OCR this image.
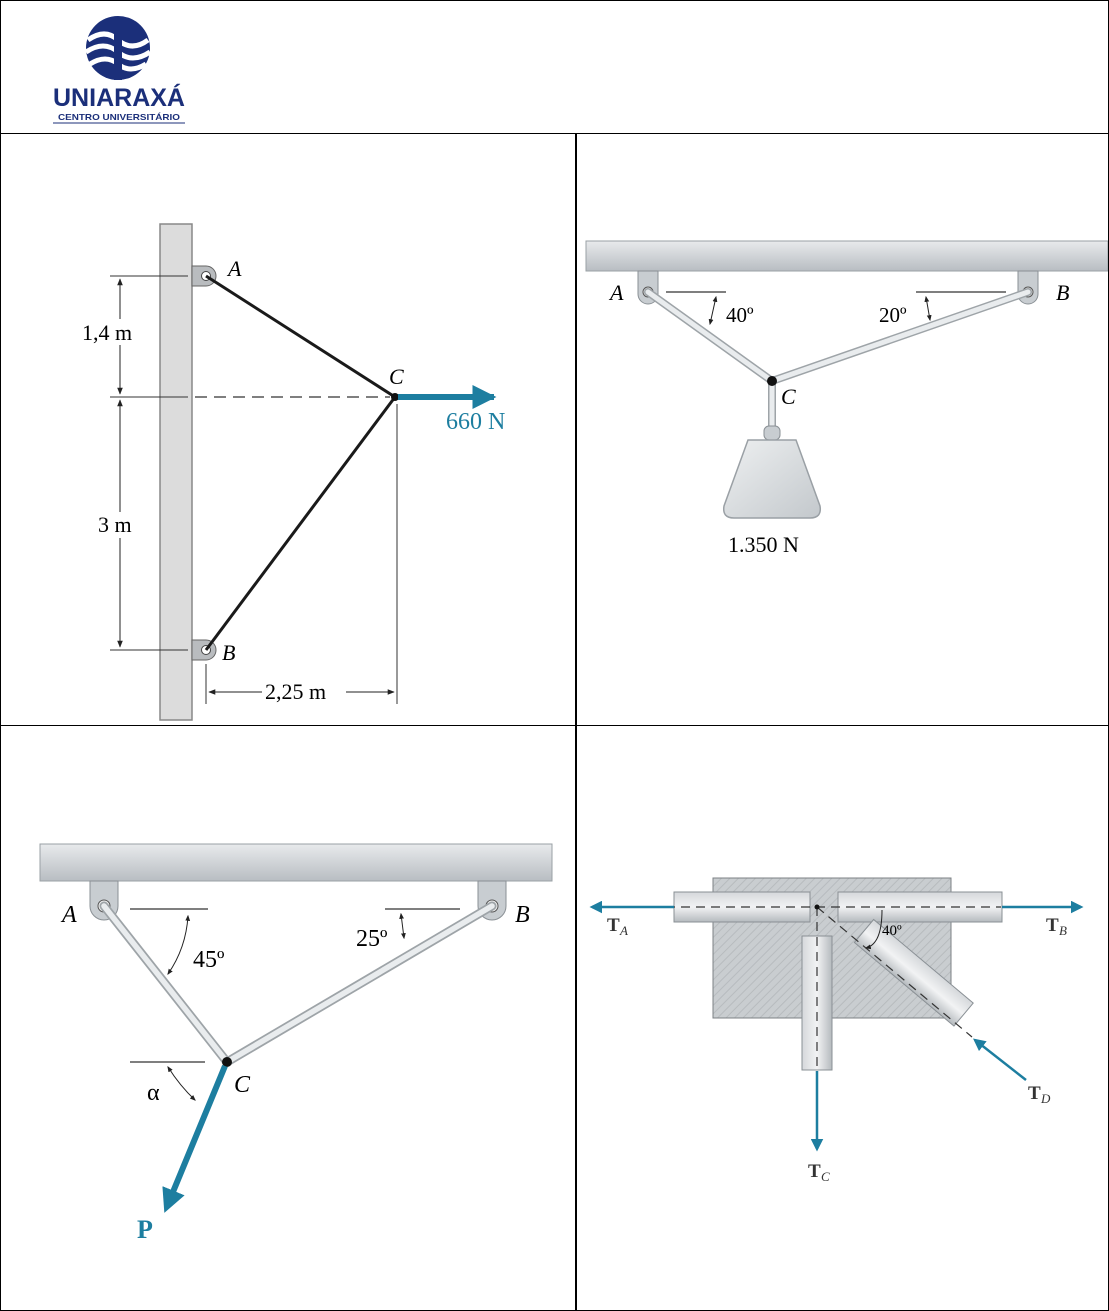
UNIARAXÁ
CENTRO UNIVERSITÁRIO
A
B
C
660 N
1,4 m
3 m
2,25 m
A	B
C
40º	20º
1.350 N
A	B
C
45º
25º
α
P
40º
T A	T B
T C
T D
